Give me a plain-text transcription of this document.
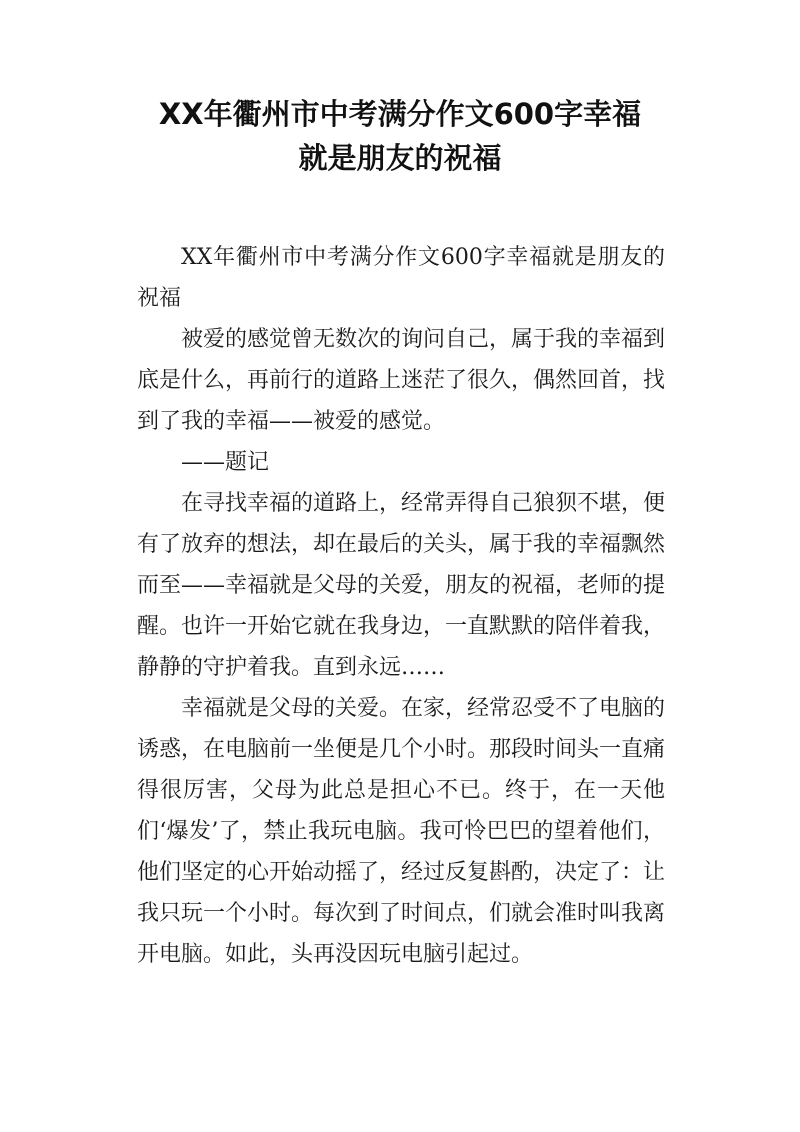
XX年衢州市中考满分作文600字幸福
就是朋友的祝福

XX年衢州市中考满分作文600字幸福就是朋友的祝福

被爱的感觉曾无数次的询问自己，属于我的幸福到底是什么，再前行的道路上迷茫了很久，偶然回首，找到了我的幸福——被爱的感觉。

——题记

在寻找幸福的道路上，经常弄得自己狼狈不堪，便有了放弃的想法，却在最后的关头，属于我的幸福飘然而至——幸福就是父母的关爱，朋友的祝福，老师的提醒。也许一开始它就在我身边，一直默默的陪伴着我，静静的守护着我。直到永远……

幸福就是父母的关爱。在家，经常忍受不了电脑的诱惑，在电脑前一坐便是几个小时。那段时间头一直痛得很厉害，父母为此总是担心不已。终于，在一天他们‘爆发’了，禁止我玩电脑。我可怜巴巴的望着他们，他们坚定的心开始动摇了，经过反复斟酌，决定了：让我只玩一个小时。每次到了时间点，们就会准时叫我离开电脑。如此，头再没因玩电脑引起过。
